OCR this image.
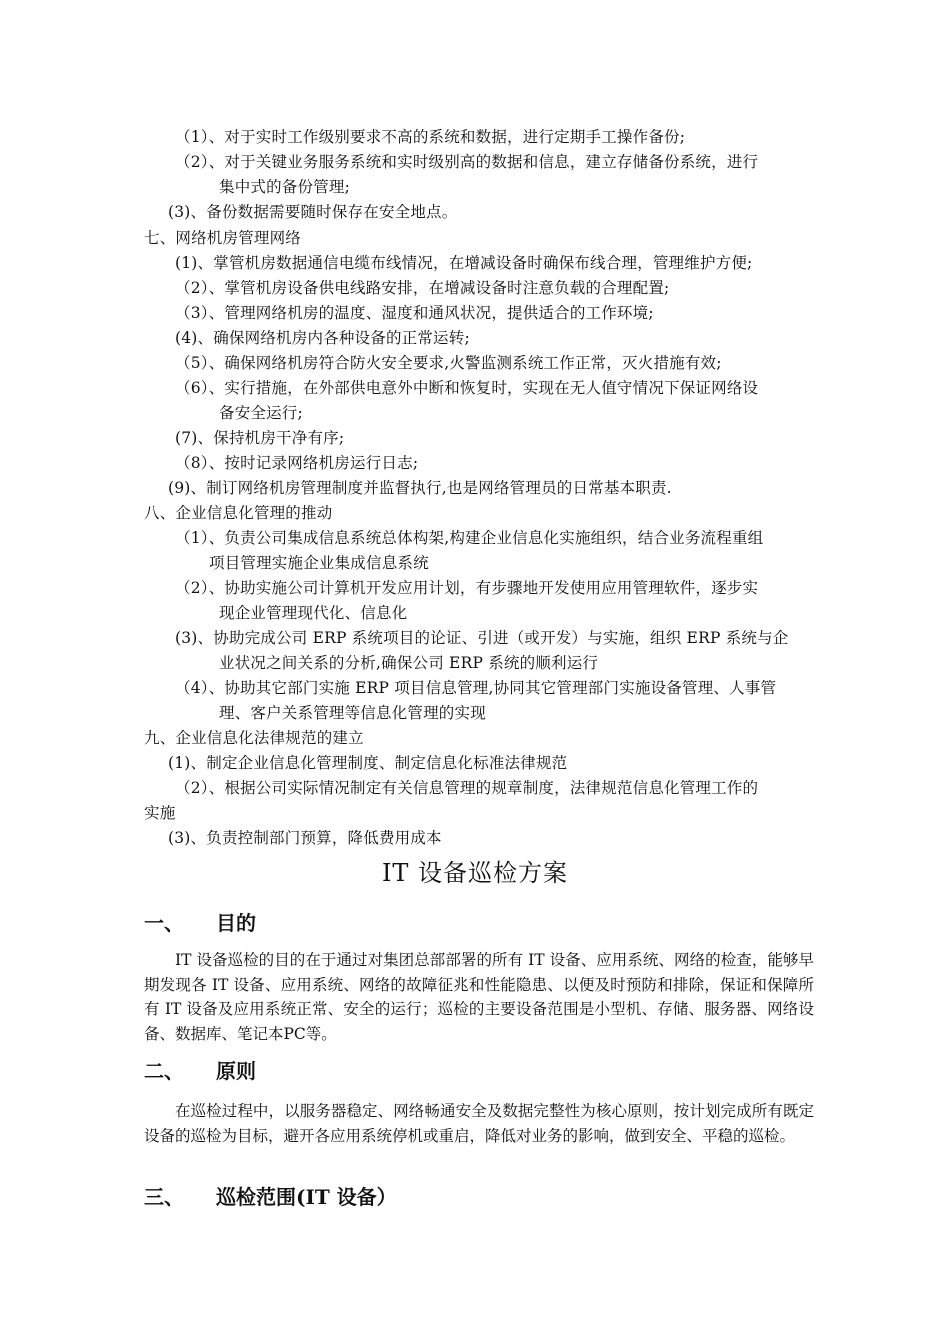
（1）、对于实时工作级别要求不高的系统和数据，进行定期手工操作备份;
（2）、对于关键业务服务系统和实时级别高的数据和信息，建立存储备份系统，进行
集中式的备份管理;
(3)、备份数据需要随时保存在安全地点。
七、网络机房管理网络
(1)、掌管机房数据通信电缆布线情况，在增减设备时确保布线合理，管理维护方便;
（2）、掌管机房设备供电线路安排，在增减设备时注意负载的合理配置;
（3）、管理网络机房的温度、湿度和通风状况，提供适合的工作环境;
(4)、确保网络机房内各种设备的正常运转;
（5）、确保网络机房符合防火安全要求,火警监测系统工作正常，灭火措施有效;
（6）、实行措施，在外部供电意外中断和恢复时，实现在无人值守情况下保证网络设
备安全运行;
(7)、保持机房干净有序;
（8）、按时记录网络机房运行日志;
(9)、制订网络机房管理制度并监督执行,也是网络管理员的日常基本职责.
八、企业信息化管理的推动
（1）、负责公司集成信息系统总体构架,构建企业信息化实施组织，结合业务流程重组
项目管理实施企业集成信息系统
（2）、协助实施公司计算机开发应用计划，有步骤地开发使用应用管理软件，逐步实
现企业管理现代化、信息化
(3)、协助完成公司 ERP 系统项目的论证、引进（或开发）与实施，组织 ERP 系统与企
业状况之间关系的分析,确保公司 ERP 系统的顺利运行
（4）、协助其它部门实施 ERP 项目信息管理,协同其它管理部门实施设备管理、人事管
理、客户关系管理等信息化管理的实现
九、企业信息化法律规范的建立
(1)、制定企业信息化管理制度、制定信息化标准法律规范
（2）、根据公司实际情况制定有关信息管理的规章制度，法律规范信息化管理工作的
实施
(3)、负责控制部门预算，降低费用成本
IT 设备巡检方案
一、 目的
IT 设备巡检的目的在于通过对集团总部部署的所有 IT 设备、应用系统、网络的检查，能够早期发现各 IT 设备、应用系统、网络的故障征兆和性能隐患、以便及时预防和排除，保证和保障所有 IT 设备及应用系统正常、安全的运行；巡检的主要设备范围是小型机、存储、服务器、网络设备、数据库、笔记本PC等。
二、 原则
在巡检过程中，以服务器稳定、网络畅通安全及数据完整性为核心原则，按计划完成所有既定设备的巡检为目标，避开各应用系统停机或重启，降低对业务的影响，做到安全、平稳的巡检。
三、 巡检范围(IT 设备）
